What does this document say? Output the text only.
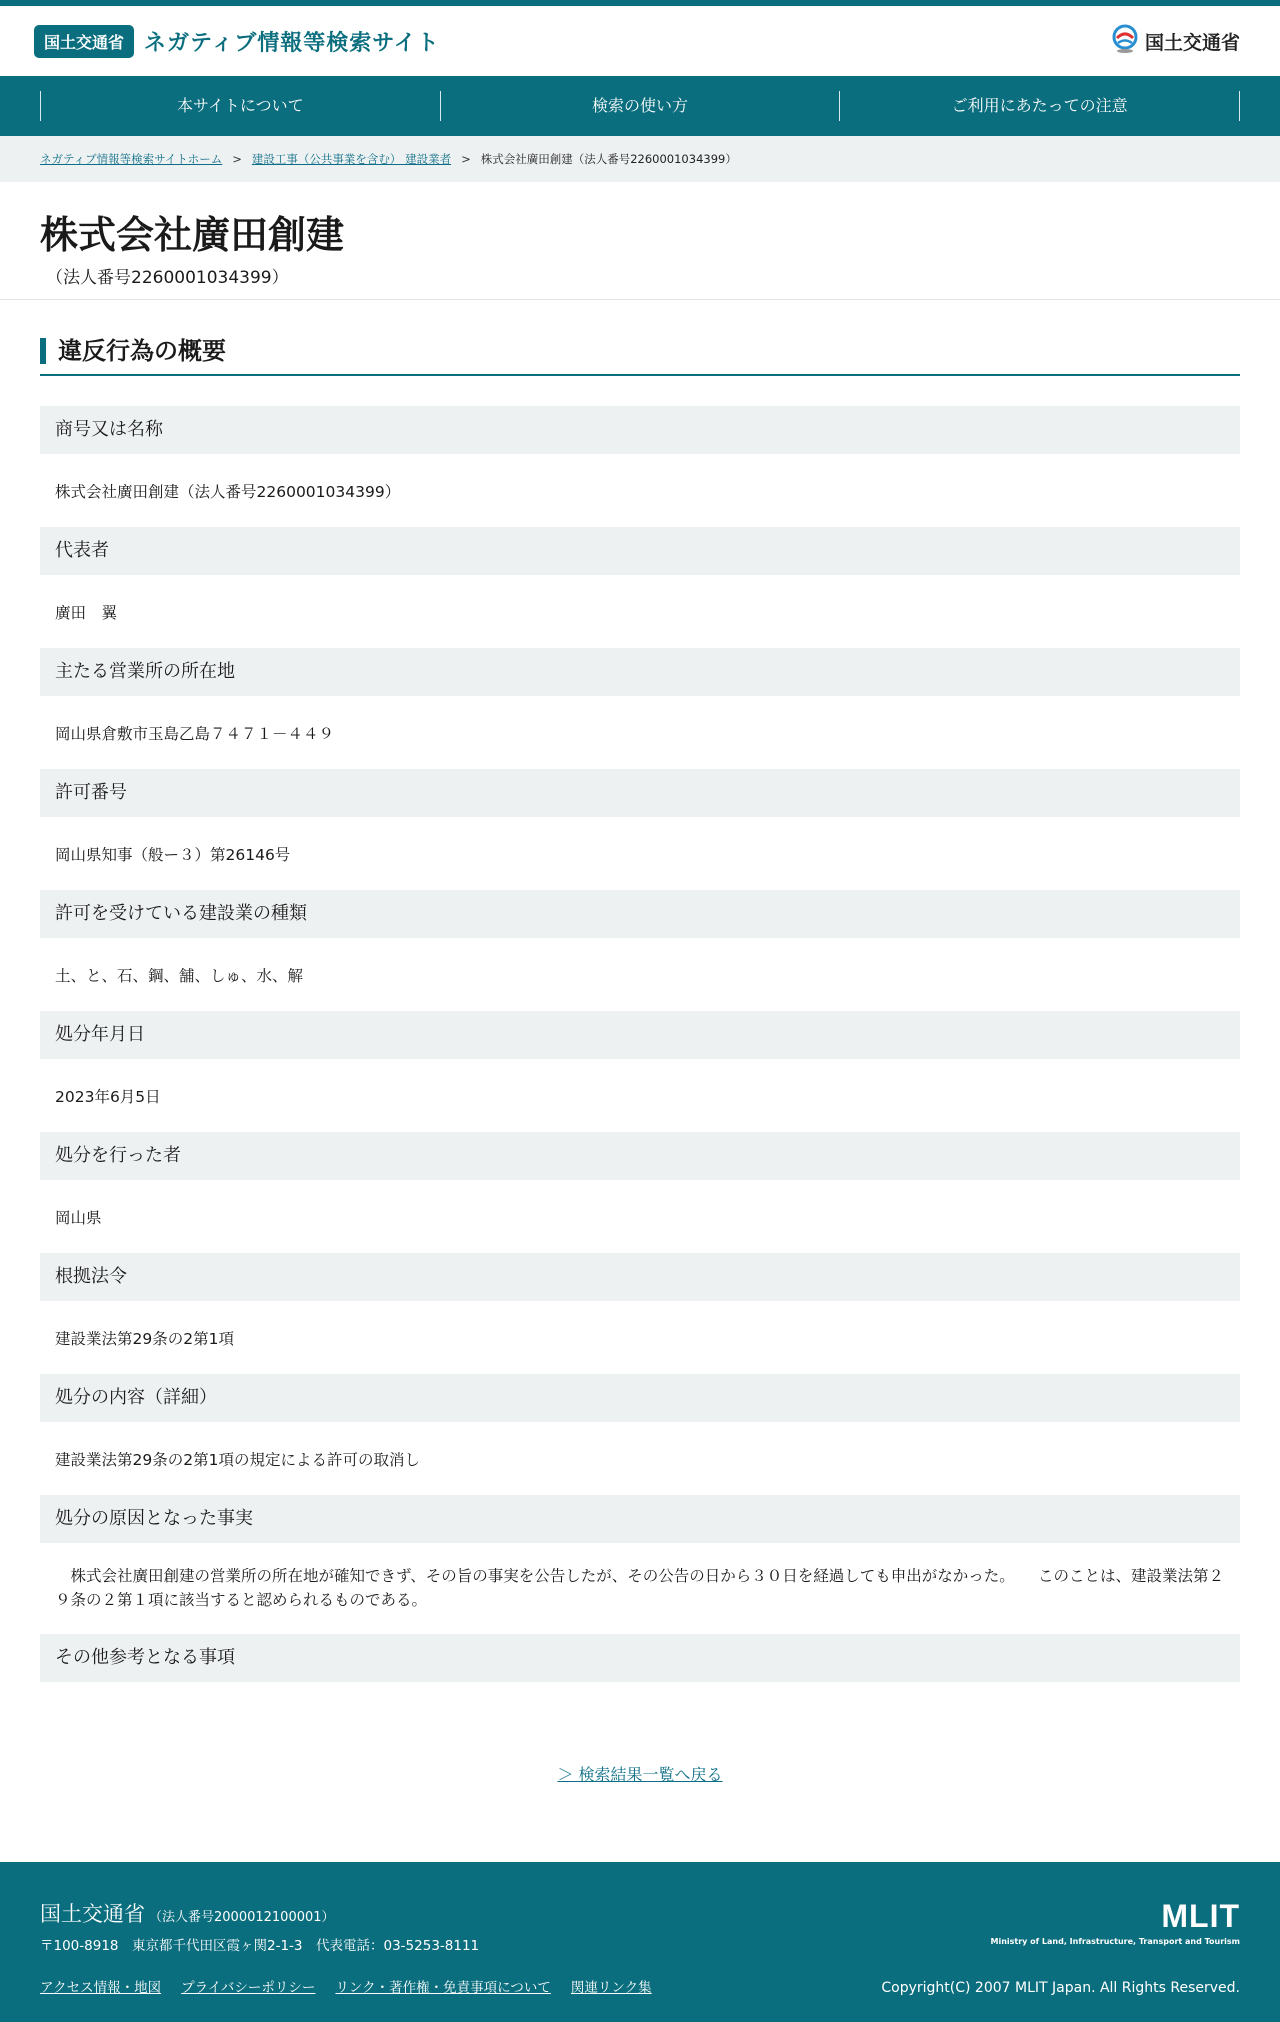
国土交通省 ネガティブ情報等検索サイト	国土交通省
本サイトについて	検索の使い方	ご利用にあたっての注意
ネガティブ情報等検索サイトホーム > 建設工事（公共事業を含む） 建設業者 > 株式会社廣田創建（法人番号2260001034399）
株式会社廣田創建
（法人番号2260001034399）
違反行為の概要
商号又は名称
株式会社廣田創建（法人番号2260001034399）
代表者
廣田　翼
主たる営業所の所在地
岡山県倉敷市玉島乙島７４７１－４４９
許可番号
岡山県知事（般ー３）第26146号
許可を受けている建設業の種類
土、と、石、鋼、舗、しゅ、水、解
処分年月日
2023年6月5日
処分を行った者
岡山県
根拠法令
建設業法第29条の2第1項
処分の内容（詳細）
建設業法第29条の2第1項の規定による許可の取消し
処分の原因となった事実
　株式会社廣田創建の営業所の所在地が確知できず、その旨の事実を公告したが、その公告の日から３０日を経過しても申出がなかった。　　このことは、建設業法第２９条の２第１項に該当すると認められるものである。
その他参考となる事項
＞ 検索結果一覧へ戻る
国土交通省 （法人番号2000012100001）
〒100-8918　東京都千代田区霞ヶ関2-1-3　代表電話：03-5253-8111
アクセス情報・地図 プライバシーポリシー リンク・著作権・免責事項について 関連リンク集
MLIT
Ministry of Land, Infrastructure, Transport and Tourism
Copyright(C) 2007 MLIT Japan. All Rights Reserved.
